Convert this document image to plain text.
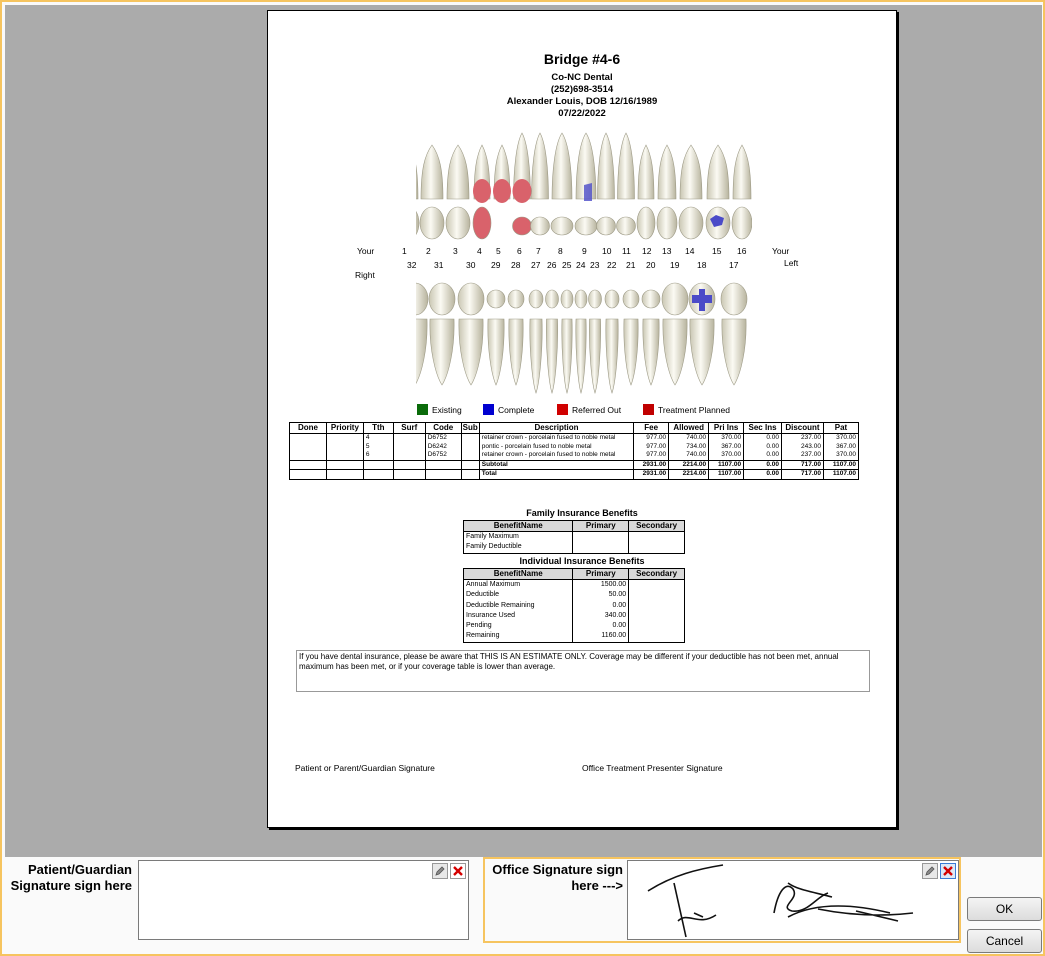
Bridge #4-6
Co-NC Dental
(252)698-3514
Alexander Louis, DOB 12/16/1989
07/22/2022
Your
Right
Your
Left
Existing	Complete	Referred Out	Treatment Planned
Done	Priority	Tth	Surf	Code	Sub	Description	Fee	Allowed	Pri Ins	Sec Ins	Discount	Pat
		4		D6752		retainer crown - porcelain fused to noble metal	977.00	740.00	370.00	0.00	237.00	370.00
		5		D6242		pontic - porcelain fused to noble metal	977.00	734.00	367.00	0.00	243.00	367.00
		6		D6752		retainer crown - porcelain fused to noble metal	977.00	740.00	370.00	0.00	237.00	370.00
						Subtotal	2931.00	2214.00	1107.00	0.00	717.00	1107.00
						Total	2931.00	2214.00	1107.00	0.00	717.00	1107.00
Family Insurance Benefits
BenefitName	Primary	Secondary
Family Maximum		
Family Deductible		
Individual Insurance Benefits
BenefitName	Primary	Secondary
Annual Maximum	1500.00	
Deductible	50.00	
Deductible Remaining	0.00	
Insurance Used	340.00	
Pending	0.00	
Remaining	1160.00	
If you have dental insurance, please be aware that THIS IS AN ESTIMATE ONLY. Coverage may be different if your deductible has not been met, annual maximum has been met, or if your coverage table is lower than average.
Patient or Parent/Guardian Signature	Office Treatment Presenter Signature
1 2	3 4 5 6 7 8 9 10 11 12 13 14 15 16
32 31	30 29 28 27 26 25 24 23 22 21 20 19 18	17
Patient/Guardian
Signature sign here
Office Signature sign
here --->
OK
Cancel
